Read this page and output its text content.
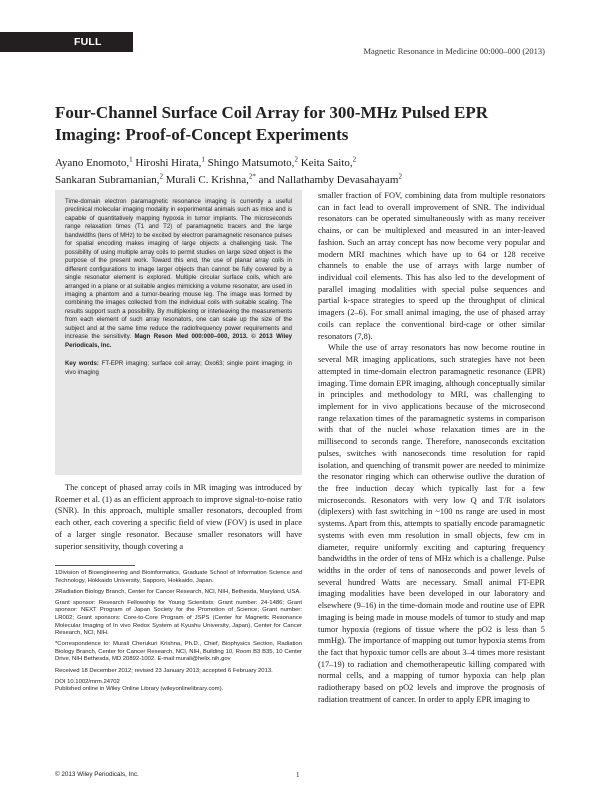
FULL PAPER
Magnetic Resonance in Medicine 00:000–000 (2013)
Four-Channel Surface Coil Array for 300-MHz Pulsed EPR Imaging: Proof-of-Concept Experiments
Ayano Enomoto,$^1$ Hiroshi Hirata,$^1$ Shingo Matsumoto,$^2$ Keita Saito,$^2$
Sankaran Subramanian,$^2$ Murali C. Krishna,$^{2*}$ and Nallathamby Devasahayam$^2$
Time-domain electron paramagnetic resonance imaging is currently a useful preclinical molecular imaging modality in experimental animals such as mice and is capable of quantitatively mapping hypoxia in tumor implants. The microseconds range relaxation times (T1 and T2) of paramagnetic tracers and the large bandwidths (tens of MHz) to be excited by electron paramagnetic resonance pulses for spatial encoding makes imaging of large objects a challenging task. The possibility of using multiple array coils to permit studies on large sized object is the purpose of the present work. Toward this end, the use of planar array coils in different configurations to image larger objects than cannot be fully covered by a single resonator element is explored. Multiple circular surface coils, which are arranged in a plane or at suitable angles mimicking a volume resonator, are used in imaging a phantom and a tumor-bearing mouse leg. The image was formed by combining the images collected from the individual coils with suitable scaling. The results support such a possibility. By multiplexing or interleaving the measurements from each element of such array resonators, one can scale up the size of the subject and at the same time reduce the radiofrequency power requirements and increase the sensitivity. Magn Reson Med 000:000–000, 2013. © 2013 Wiley Periodicals, Inc.
Key words: FT-EPR imaging; surface coil array; Oxo63; single point imaging; in vivo imaging
The concept of phased array coils in MR imaging was introduced by Roemer et al. (1) as an efficient approach to improve signal-to-noise ratio (SNR). In this approach, multiple smaller resonators, decoupled from each other, each covering a specific field of view (FOV) is used in place of a larger single resonator. Because smaller resonators will have superior sensitivity, though covering a

1Division of Bioengineering and Bioinformatics, Graduate School of Information Science and Technology, Hokkaido University, Sapporo, Hokkaido, Japan.

2Radiation Biology Branch, Center for Cancer Research, NCI, NIH, Bethesda, Maryland, USA.

Grant sponsor: Research Fellowship for Young Scientists; Grant number: 24-1486; Grant sponsor: NEXT Program of Japan Society for the Promotion of Science; Grant number: LR002; Grant sponsors: Core-to-Core Program of JSPS (Center for Magnetic Resonance Molecular Imaging of In vivo Redox System at Kyushu University, Japan), Center for Cancer Research, NCI, NIH.

*Correspondence to: Murali Cherukuri Krishna, Ph.D., Chief, Biophysics Section, Radiation Biology Branch, Center for Cancer Research, NCI, NIH, Building 10, Room B3 B35, 10 Center Drive, NIH Bethesda, MD 20892-1002. E-mail:murali@helix.nih.gov

Received 18 December 2012; revised 23 January 2013; accepted 6 February 2013.

DOI 10.1002/mrm.24702

Published online in Wiley Online Library (wileyonlinelibrary.com).

© 2013 Wiley Periodicals, Inc.	1

smaller fraction of FOV, combining data from multiple resonators can in fact lead to overall improvement of SNR. The individual resonators can be operated simultaneously with as many receiver chains, or can be multiplexed and measured in an inter-leaved fashion. Such an array concept has now become very popular and modern MRI machines which have up to 64 or 128 receive channels to enable the use of arrays with large number of individual coil elements. This has also led to the development of parallel imaging modalities with special pulse sequences and partial k-space strategies to speed up the throughput of clinical imagers (2–6). For small animal imaging, the use of phased array coils can replace the conventional bird-cage or other similar resonators (7,8).

While the use of array resonators has now become routine in several MR imaging applications, such strategies have not been attempted in time-domain electron paramagnetic resonance (EPR) imaging. Time domain EPR imaging, although conceptually similar in principles and methodology to MRI, was challenging to implement for in vivo applications because of the microsecond range relaxation times of the paramagnetic systems in comparison with that of the nuclei whose relaxation times are in the millisecond to seconds range. Therefore, nanoseconds excitation pulses, switches with nanoseconds time resolution for rapid isolation, and quenching of transmit power are needed to minimize the resonator ringing which can otherwise outlive the duration of the free induction decay which typically last for a few microseconds. Resonators with very low Q and T/R isolators (diplexers) with fast switching in ~100 ns range are used in most systems. Apart from this, attempts to spatially encode paramagnetic systems with even mm resolution in small objects, few cm in diameter, require uniformly exciting and capturing frequency bandwidths in the order of tens of MHz which is a challenge. Pulse widths in the order of tens of nanoseconds and power levels of several hundred Watts are necessary. Small animal FT-EPR imaging modalities have been developed in our laboratory and elsewhere (9–16) in the time-domain mode and routine use of EPR imaging is being made in mouse models of tumor to study and map tumor hypoxia (regions of tissue where the pO2 is less than 5 mmHg). The importance of mapping out tumor hypoxia stems from the fact that hypoxic tumor cells are about 3–4 times more resistant (17–19) to radiation and chemotherapeutic killing compared with normal cells, and a mapping of tumor hypoxia can help plan radiotherapy based on pO2 levels and improve the prognosis of radiation treatment of cancer. In order to apply EPR imaging to
